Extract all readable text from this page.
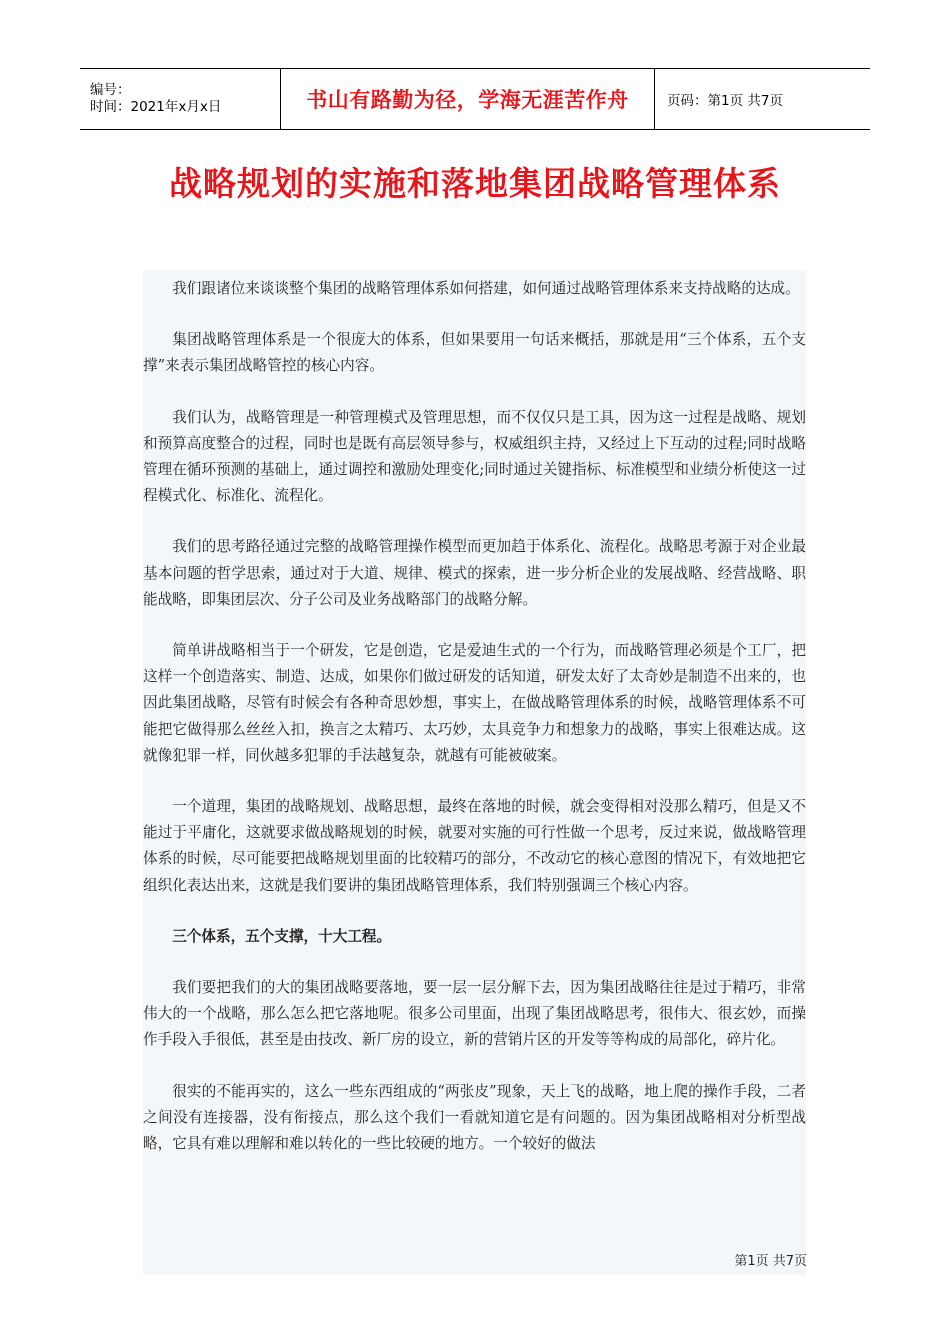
编号：
时间：2021年x月x日	书山有路勤为径，学海无涯苦作舟	页码：第1页 共7页
战略规划的实施和落地集团战略管理体系

我们跟诸位来谈谈整个集团的战略管理体系如何搭建，如何通过战略管理体系来支持战略的达成。

集团战略管理体系是一个很庞大的体系，但如果要用一句话来概括，那就是用“三个体系，五个支撑”来表示集团战略管控的核心内容。

我们认为，战略管理是一种管理模式及管理思想，而不仅仅只是工具，因为这一过程是战略、规划和预算高度整合的过程，同时也是既有高层领导参与，权威组织主持，又经过上下互动的过程;同时战略管理在循环预测的基础上，通过调控和激励处理变化;同时通过关键指标、标准模型和业绩分析使这一过程模式化、标准化、流程化。

我们的思考路径通过完整的战略管理操作模型而更加趋于体系化、流程化。战略思考源于对企业最基本问题的哲学思索，通过对于大道、规律、模式的探索，进一步分析企业的发展战略、经营战略、职能战略，即集团层次、分子公司及业务战略部门的战略分解。

简单讲战略相当于一个研发，它是创造，它是爱迪生式的一个行为，而战略管理必须是个工厂，把这样一个创造落实、制造、达成，如果你们做过研发的话知道，研发太好了太奇妙是制造不出来的，也因此集团战略，尽管有时候会有各种奇思妙想，事实上，在做战略管理体系的时候，战略管理体系不可能把它做得那么丝丝入扣，换言之太精巧、太巧妙，太具竞争力和想象力的战略，事实上很难达成。这就像犯罪一样，同伙越多犯罪的手法越复杂，就越有可能被破案。

一个道理，集团的战略规划、战略思想，最终在落地的时候，就会变得相对没那么精巧，但是又不能过于平庸化，这就要求做战略规划的时候，就要对实施的可行性做一个思考，反过来说，做战略管理体系的时候，尽可能要把战略规划里面的比较精巧的部分，不改动它的核心意图的情况下，有效地把它组织化表达出来，这就是我们要讲的集团战略管理体系，我们特别强调三个核心内容。

三个体系，五个支撑，十大工程。

我们要把我们的大的集团战略要落地，要一层一层分解下去，因为集团战略往往是过于精巧，非常伟大的一个战略，那么怎么把它落地呢。很多公司里面，出现了集团战略思考，很伟大、很玄妙，而操作手段入手很低，甚至是由技改、新厂房的设立，新的营销片区的开发等等构成的局部化，碎片化。

很实的不能再实的，这么一些东西组成的“两张皮”现象，天上飞的战略，地上爬的操作手段，二者之间没有连接器，没有衔接点，那么这个我们一看就知道它是有问题的。因为集团战略相对分析型战略，它具有难以理解和难以转化的一些比较硬的地方。一个较好的做法

第1页 共7页
